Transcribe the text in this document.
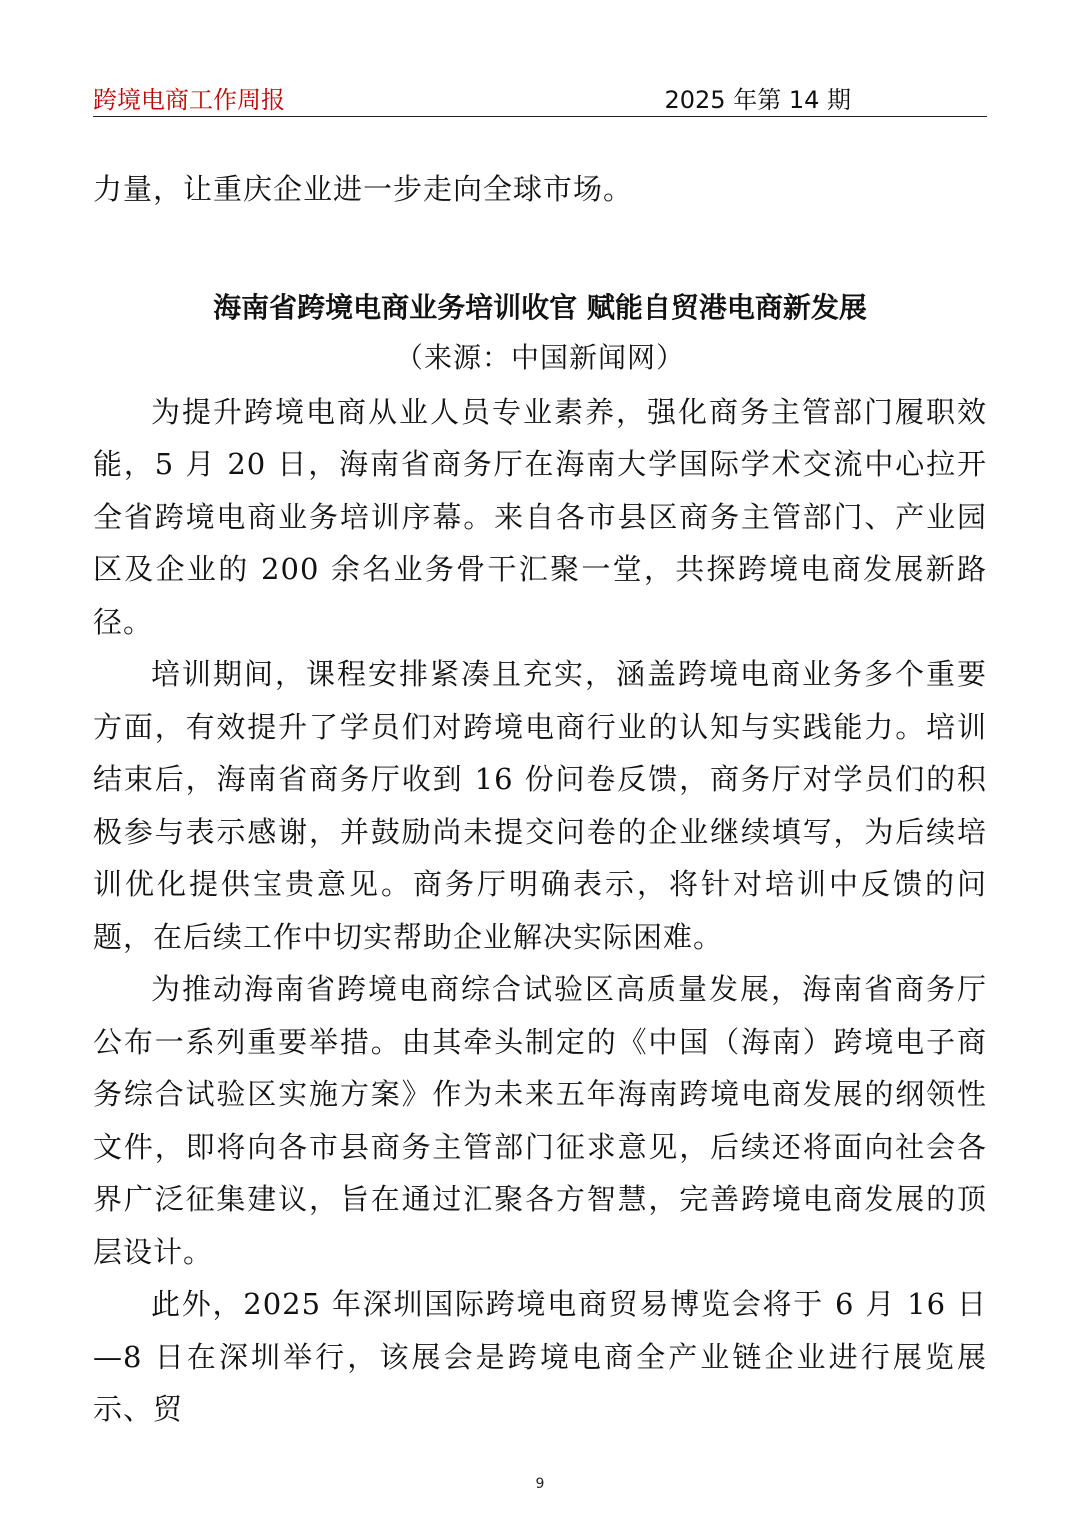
跨境电商工作周报	2025 年第 14 期

力量，让重庆企业进一步走向全球市场。

海南省跨境电商业务培训收官 赋能自贸港电商新发展
（来源：中国新闻网）

为提升跨境电商从业人员专业素养，强化商务主管部门履职效能，5 月 20 日，海南省商务厅在海南大学国际学术交流中心拉开全省跨境电商业务培训序幕。来自各市县区商务主管部门、产业园区及企业的 200 余名业务骨干汇聚一堂，共探跨境电商发展新路径。

培训期间，课程安排紧凑且充实，涵盖跨境电商业务多个重要方面，有效提升了学员们对跨境电商行业的认知与实践能力。培训结束后，海南省商务厅收到 16 份问卷反馈，商务厅对学员们的积极参与表示感谢，并鼓励尚未提交问卷的企业继续填写，为后续培训优化提供宝贵意见。商务厅明确表示，将针对培训中反馈的问题，在后续工作中切实帮助企业解决实际困难。

为推动海南省跨境电商综合试验区高质量发展，海南省商务厅公布一系列重要举措。由其牵头制定的《中国（海南）跨境电子商务综合试验区实施方案》作为未来五年海南跨境电商发展的纲领性文件，即将向各市县商务主管部门征求意见，后续还将面向社会各界广泛征集建议，旨在通过汇聚各方智慧，完善跨境电商发展的顶层设计。

此外，2025 年深圳国际跨境电商贸易博览会将于 6 月 16 日—8 日在深圳举行，该展会是跨境电商全产业链企业进行展览展示、贸

9
